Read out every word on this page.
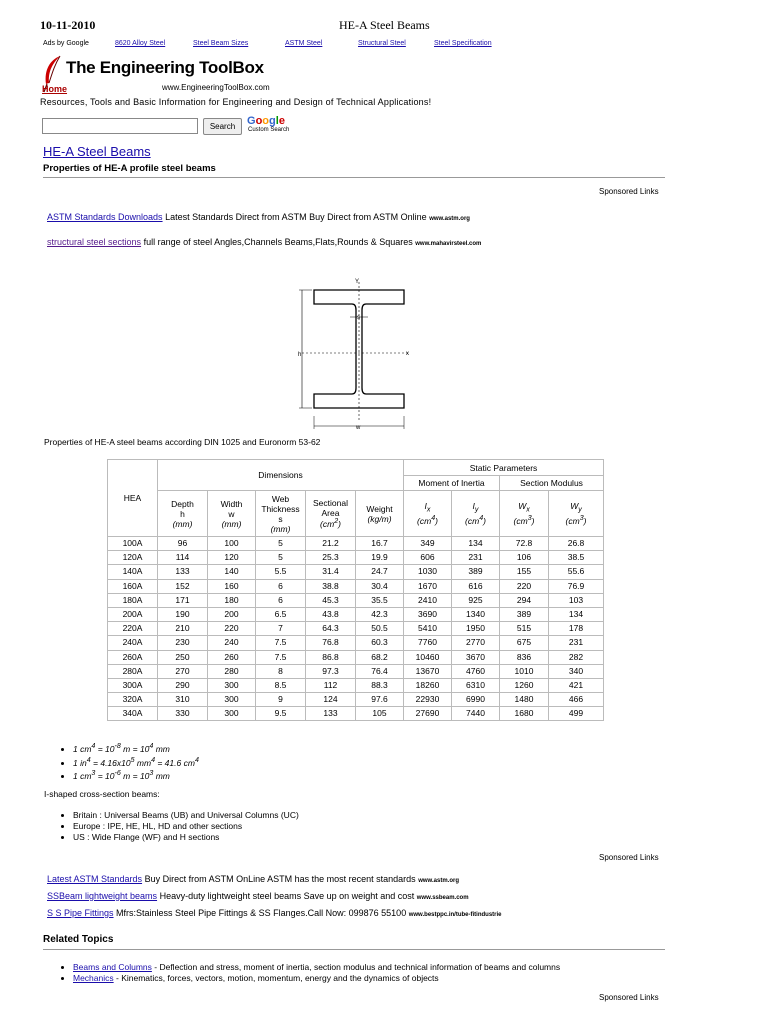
10-11-2010	HE-A Steel Beams
Ads by Google	8620 Alloy Steel	Steel Beam Sizes	ASTM Steel	Structural Steel	Steel Specification
The Engineering ToolBox
www.EngineeringToolBox.com
Home
Resources, Tools and Basic Information for Engineering and Design of Technical Applications!
Search	Google
Custom Search
HE-A Steel Beams
Properties of HE-A profile steel beams
Sponsored Links
ASTM Standards Downloads Latest Standards Direct from ASTM Buy Direct from ASTM Online www.astm.org
structural steel sections full range of steel Angles,Channels Beams,Flats,Rounds & Squares www.mahavirsteel.com
Y
x
s
h
w
Properties of HE-A steel beams according DIN 1025 and Euronorm 53-62
HEA	Dimensions					Static Parameters			
						Moment of Inertia		Section Modulus	
	Depth
h
(mm)	Width
w
(mm)	Web
Thickness
s
(mm)	Sectional
Area
$(cm^2)$	Weight
(kg/m)	$I_x$
$(cm^4)$	$I_y$
$(cm^4)$	$W_x$
$(cm^3)$	$W_y$
$(cm^3)$
100A	96	100	5	21.2	16.7	349	134	72.8	26.8
120A	114	120	5	25.3	19.9	606	231	106	38.5
140A	133	140	5.5	31.4	24.7	1030	389	155	55.6
160A	152	160	6	38.8	30.4	1670	616	220	76.9
180A	171	180	6	45.3	35.5	2410	925	294	103
200A	190	200	6.5	43.8	42.3	3690	1340	389	134
220A	210	220	7	64.3	50.5	5410	1950	515	178
240A	230	240	7.5	76.8	60.3	7760	2770	675	231
260A	250	260	7.5	86.8	68.2	10460	3670	836	282
280A	270	280	8	97.3	76.4	13670	4760	1010	340
300A	290	300	8.5	112	88.3	18260	6310	1260	421
320A	310	300	9	124	97.6	22930	6990	1480	466
340A	330	300	9.5	133	105	27690	7440	1680	499
• 1 $cm^4 = 10^{-8}$ $m = 10^4$ mm
• 1 $in^4 = 4.16x10^5$ $mm^4 = 41.6$ $cm^4$
• 1 $cm^3 = 10^{-6}$ $m = 10^3$ mm
I-shaped cross-section beams:
• Britain : Universal Beams (UB) and Universal Columns (UC)
• Europe : IPE, HE, HL, HD and other sections
• US : Wide Flange (WF) and H sections
Sponsored Links
Latest ASTM Standards Buy Direct from ASTM OnLine ASTM has the most recent standards www.astm.org
SSBeam lightweight beams Heavy-duty lightweight steel beams Save up on weight and cost www.ssbeam.com
S S Pipe Fittings Mfrs:Stainless Steel Pipe Fittings & SS Flanges.Call Now: 099876 55100 www.bestppc.in/tube-fitindustrie
Related Topics
• Beams and Columns - Deflection and stress, moment of inertia, section modulus and technical information of beams and columns
• Mechanics - Kinematics, forces, vectors, motion, momentum, energy and the dynamics of objects
Sponsored Links
